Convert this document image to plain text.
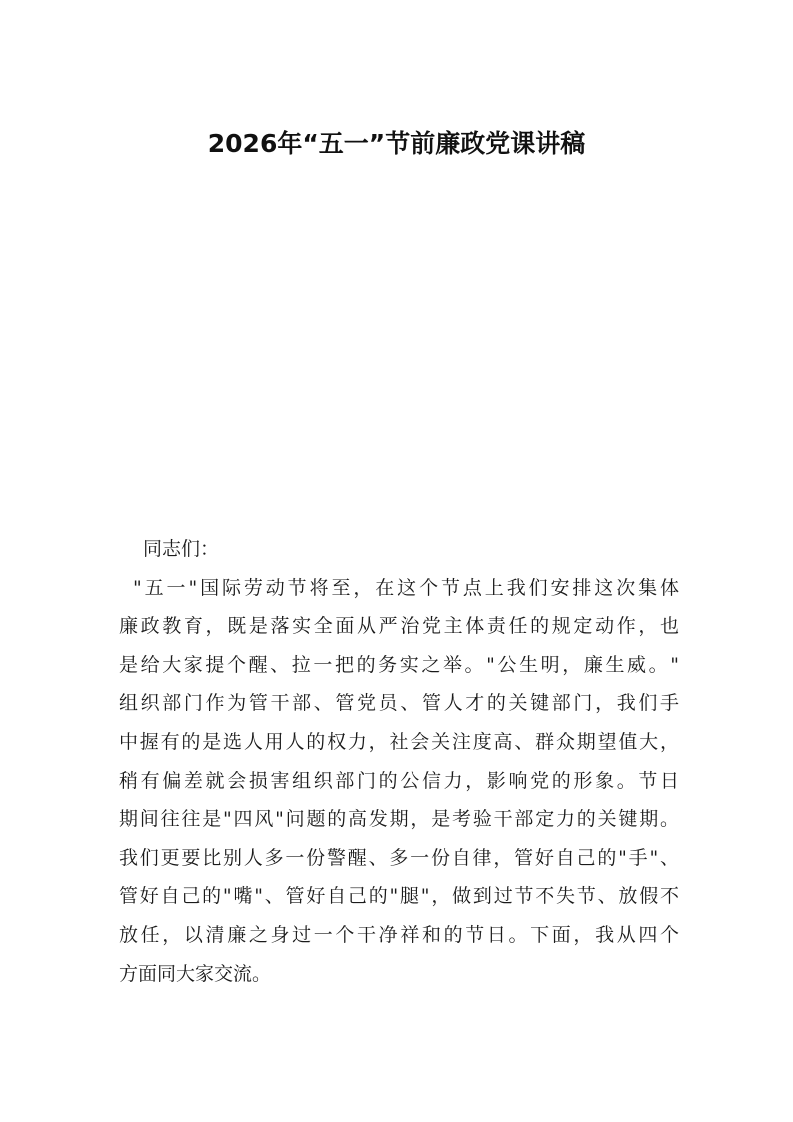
2026年“五一”节前廉政党课讲稿
同志们：
"五一"国际劳动节将至，在这个节点上我们安排这次集体
廉政教育，既是落实全面从严治党主体责任的规定动作，也
是给大家提个醒、拉一把的务实之举。"公生明，廉生威。"
组织部门作为管干部、管党员、管人才的关键部门，我们手
中握有的是选人用人的权力，社会关注度高、群众期望值大，
稍有偏差就会损害组织部门的公信力，影响党的形象。节日
期间往往是"四风"问题的高发期，是考验干部定力的关键期。
我们更要比别人多一份警醒、多一份自律，管好自己的"手"、
管好自己的"嘴"、管好自己的"腿"，做到过节不失节、放假不
放任，以清廉之身过一个干净祥和的节日。下面，我从四个
方面同大家交流。
